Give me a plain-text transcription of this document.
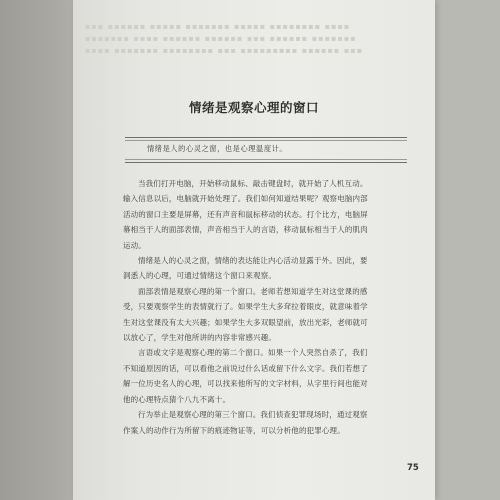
▪▪▪ ▪▪▪▪▪▪ ▪▪▪▪▪ ▪▪▪▪▪▪▪ ▪▪▪▪▪ ▪▪▪▪▪▪▪▪ ▪▪▪▪
▪▪▪▪▪▪▪ ▪▪▪▪ ▪▪▪▪▪▪ ▪▪▪▪▪▪ ▪▪▪ ▪▪▪▪▪▪ ▪▪▪▪▪▪▪
▪▪▪▪ ▪▪▪▪▪▪▪ ▪▪▪▪▪▪▪▪ ▪▪▪ ▪▪▪▪▪▪▪▪▪ ▪▪▪▪▪▪ ▪▪▪
情绪是观察心理的窗口
情绪是人的心灵之窗，也是心理温度计。

当我们打开电脑，开始移动鼠标、敲击键盘时，就开始了人机互动。
输入信息以后，电脑就开始处理了。我们如何知道结果呢？观察电脑内部
活动的窗口主要是屏幕，还有声音和鼠标移动的状态。打个比方，电脑屏
幕相当于人的面部表情，声音相当于人的言语，移动鼠标相当于人的肌肉
运动。

情绪是人的心灵之窗，情绪的表达能让内心活动显露于外。因此，要
洞悉人的心理，可通过情绪这个窗口来观察。

面部表情是观察心理的第一个窗口。老师若想知道学生对这堂课的感
受，只要观察学生的表情就行了。如果学生大多耷拉着眼皮，就意味着学
生对这堂课没有太大兴趣；如果学生大多双眼望前，放出光彩，老师就可
以放心了，学生对他所讲的内容非常感兴趣。

言语或文字是观察心理的第二个窗口。如果一个人突然自杀了，我们
不知道原因的话，可以看他之前说过什么话或留下什么文字。我们若想了
解一位历史名人的心理，可以找来他所写的文字材料，从字里行间也能对
他的心理特点猜个八九不离十。

行为举止是观察心理的第三个窗口。我们侦查犯罪现场时，通过观察
作案人的动作行为所留下的痕迹物证等，可以分析他的犯罪心理。

75
